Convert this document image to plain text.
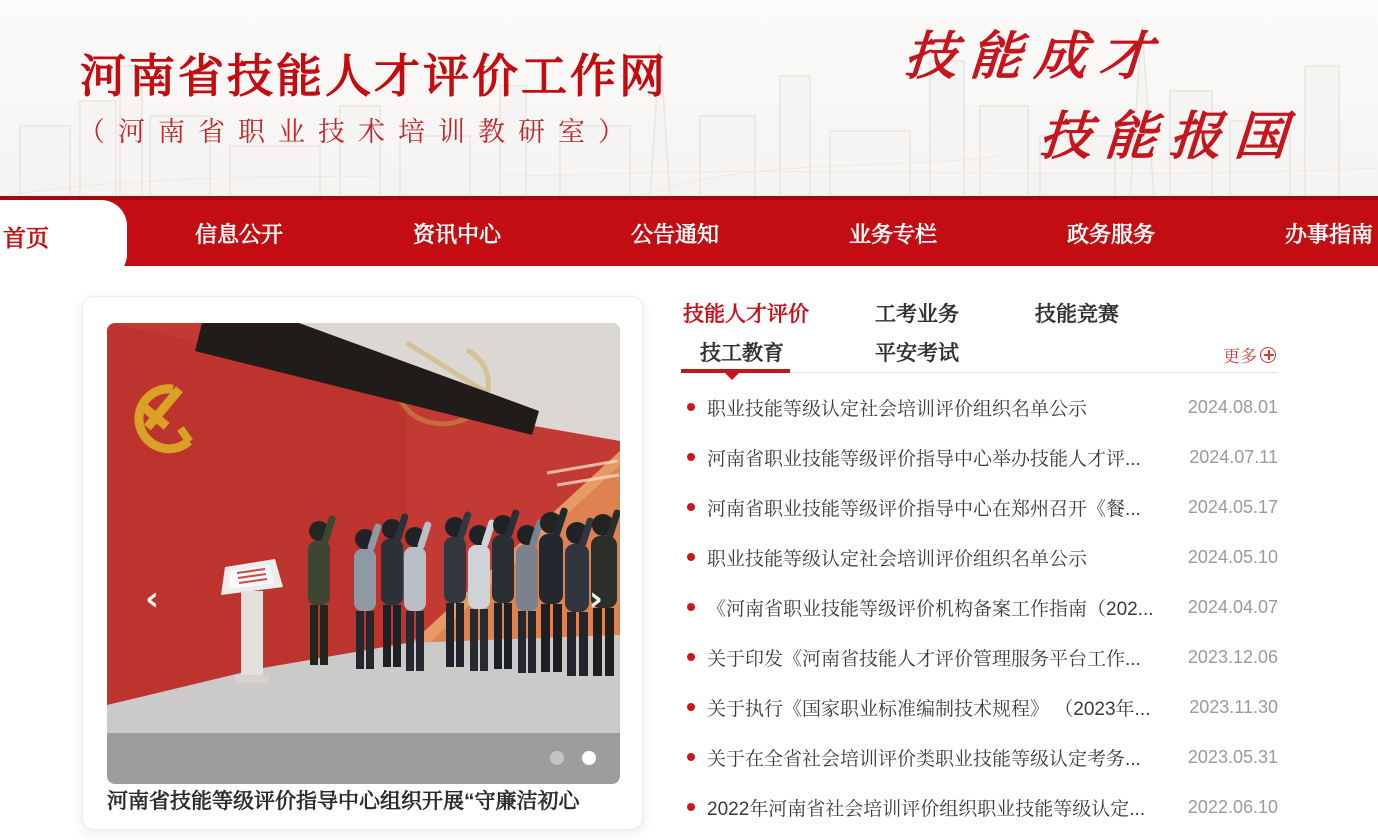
河南省技能人才评价工作网
（河南省职业技术培训教研室）
技能成才
技能报国
信息公开	资讯中心	公告通知	业务专栏	政务服务	办事指南
首页
‹	›
河南省技能等级评价指导中心组织开展“守廉洁初心
技能人才评价	工考业务	技能竞赛
技工教育	平安考试	更多
职业技能等级认定社会培训评价组织名单公示	2024.08.01
河南省职业技能等级评价指导中心举办技能人才评...	2024.07.11
河南省职业技能等级评价指导中心在郑州召开《餐...	2024.05.17
职业技能等级认定社会培训评价组织名单公示	2024.05.10
《河南省职业技能等级评价机构备案工作指南（202...	2024.04.07
关于印发《河南省技能人才评价管理服务平台工作...	2023.12.06
关于执行《国家职业标准编制技术规程》 （2023年...	2023.11.30
关于在全省社会培训评价类职业技能等级认定考务...	2023.05.31
2022年河南省社会培训评价组织职业技能等级认定...	2022.06.10
